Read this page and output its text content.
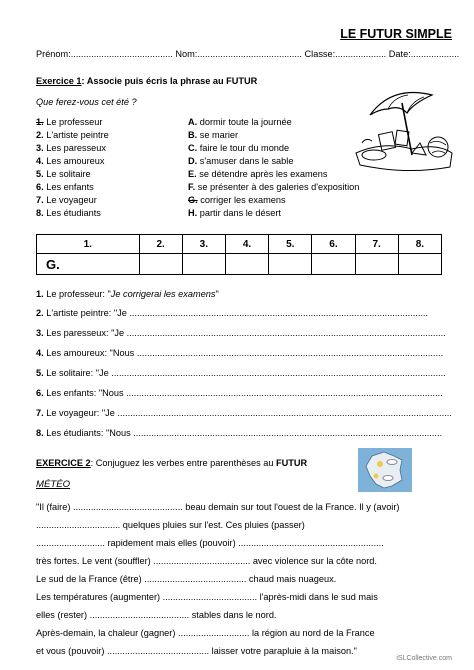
LE FUTUR SIMPLE
Prénom:........................................ Nom:......................................... Classe:.................... Date:...................
Exercice 1: Associe puis écris la phrase au FUTUR
Que ferez-vous cet été ?
1. Le professeur
2. L'artiste peintre
3. Les paresseux
4. Les amoureux
5. Le solitaire
6. Les enfants
7. Le voyageur
8. Les étudiants
A. dormir toute la journée
B. se marier
C. faire le tour du monde
D. s'amuser dans le sable
E. se détendre après les examens
F. se présenter à des galeries d'exposition
G. corriger les examens
H. partir dans le désert
1.	2.	3.	4.	5.	6.	7.	8.
G.							
1. Le professeur: "Je corrigerai les examens"
2. L'artiste peintre: "Je .....................................................................................................................
3. Les paresseux: "Je .............................................................................................................................
4. Les amoureux: "Nous ........................................................................................................................
5. Le solitaire: "Je ...................................................................................................................................
6. Les enfants: "Nous ............................................................................................................................
7. Le voyageur: "Je ...................................................................................................................................
8. Les étudiants: "Nous .........................................................................................................................
EXERCICE 2: Conjuguez les verbes entre parenthèses au FUTUR
MÉTÉO
"Il (faire) ........................................... beau demain sur tout l'ouest de la France. Il y (avoir)
................................. quelques pluies sur l'est. Ces pluies (passer)
........................... rapidement mais elles (pouvoir) .........................................................
très fortes. Le vent (souffler) ...................................... avec violence sur la côte nord.
Le sud de la France (être) ........................................ chaud mais nuageux.
Les températures (augmenter) ..................................... l'après-midi dans le sud mais
elles (rester) ....................................... stables dans le nord.
Après-demain, la chaleur (gagner) ............................ la région au nord de la France
et vous (pouvoir) ........................................ laisser votre parapluie à la maison."
iSLCollective.com
